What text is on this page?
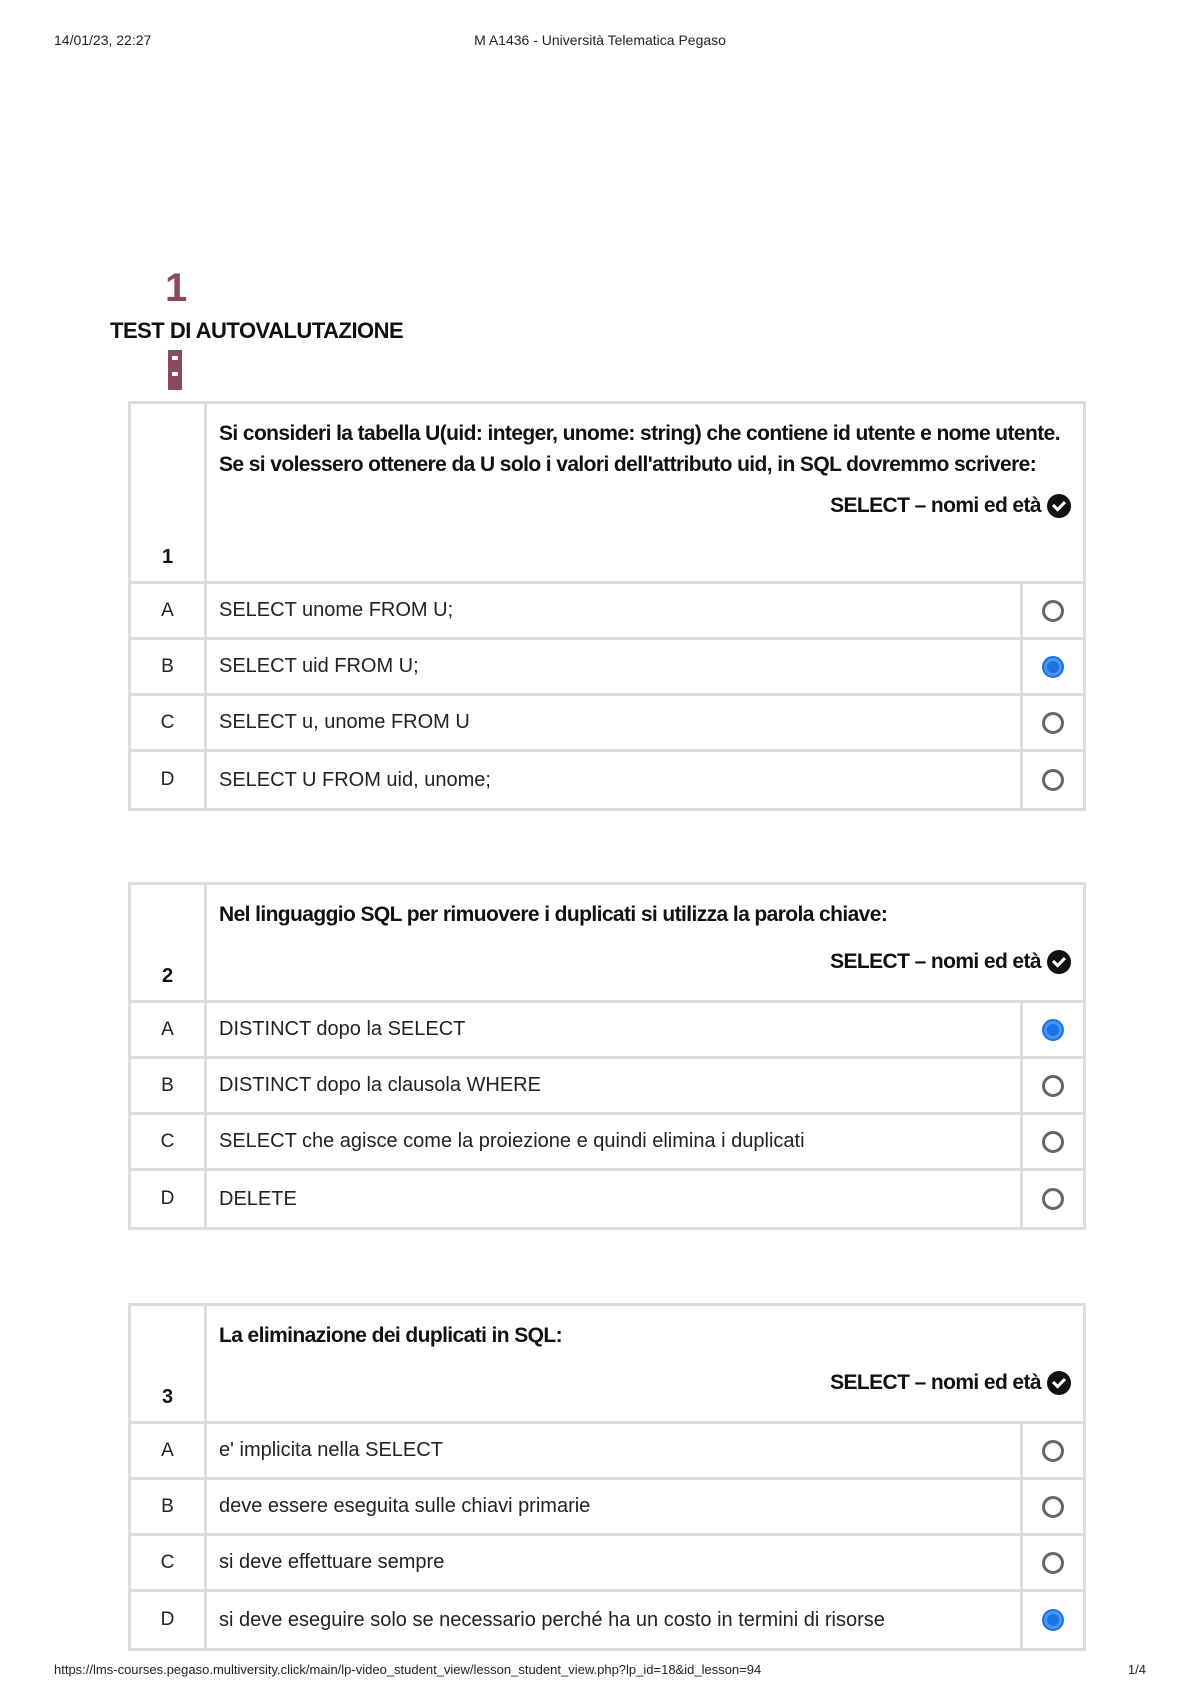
14/01/23, 22:27	M A1436 - Università Telematica Pegaso
1
TEST DI AUTOVALUTAZIONE
1
Si consideri la tabella U(uid: integer, unome: string) che contiene id utente e nome utente. Se si volessero ottenere da U solo i valori dell'attributo uid, in SQL dovremmo scrivere:
SELECT – nomi ed età
A	SELECT unome FROM U;
B	SELECT uid FROM U;
C	SELECT u, unome FROM U
D	SELECT U FROM uid, unome;
2
Nel linguaggio SQL per rimuovere i duplicati si utilizza la parola chiave:
SELECT – nomi ed età
A	DISTINCT dopo la SELECT
B	DISTINCT dopo la clausola WHERE
C	SELECT che agisce come la proiezione e quindi elimina i duplicati
D	DELETE
3
La eliminazione dei duplicati in SQL:
SELECT – nomi ed età
A	e' implicita nella SELECT
B	deve essere eseguita sulle chiavi primarie
C	si deve effettuare sempre
D	si deve eseguire solo se necessario perché ha un costo in termini di risorse
https://lms-courses.pegaso.multiversity.click/main/lp-video_student_view/lesson_student_view.php?lp_id=18&id_lesson=94	1/4
